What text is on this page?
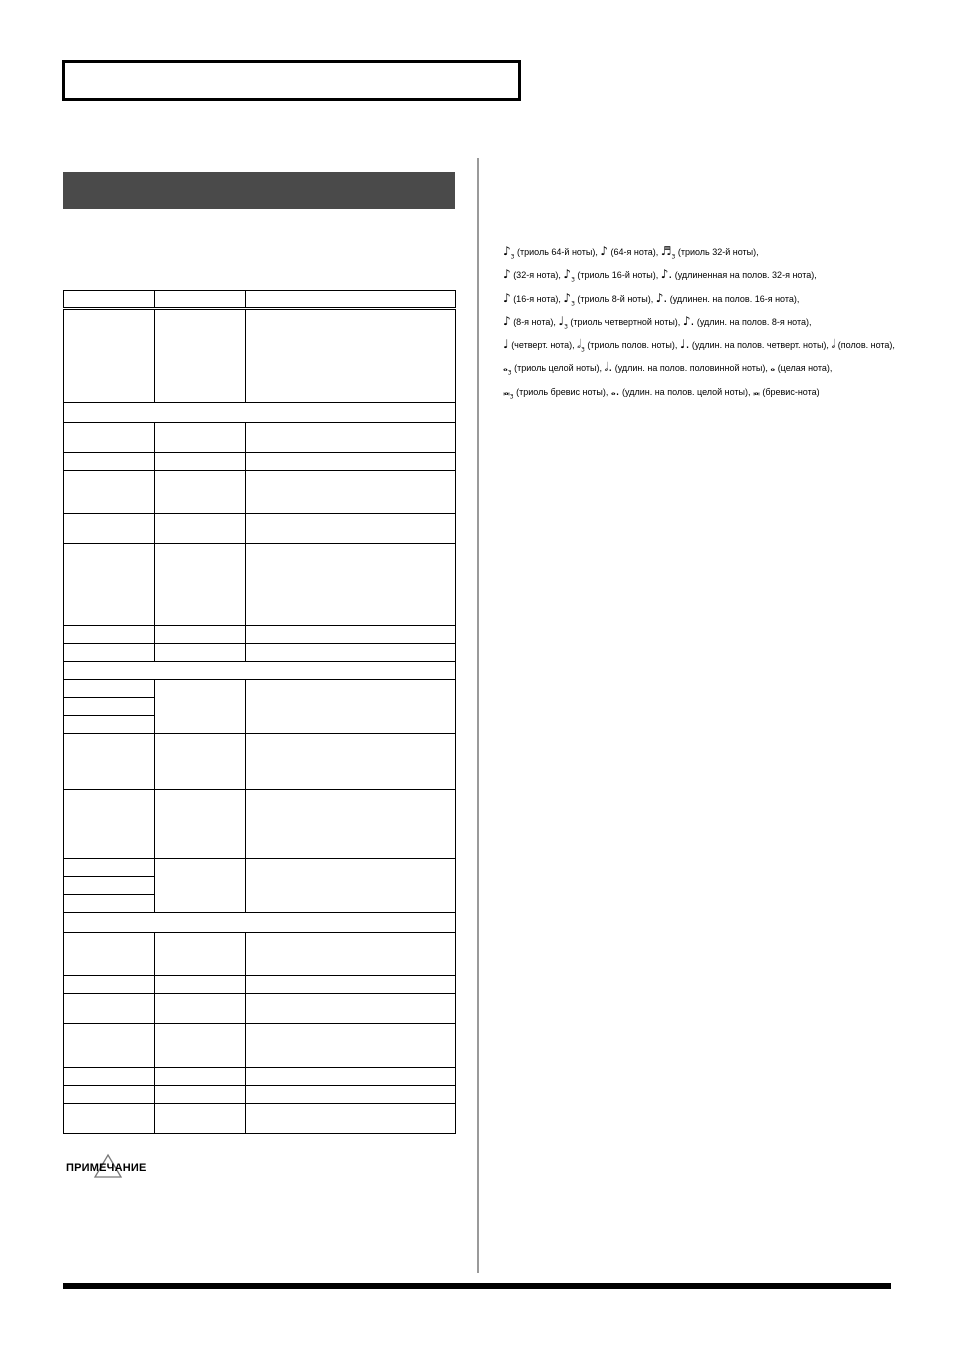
ПРИМЕЧАНИЕ
$♪_3$ (триоль 64-й ноты), ♪ (64-я нота), $♬_3$ (триоль 32-й ноты),
♪ (32-я нота), $♪_3$ (триоль 16-й ноты), ♪. (удлиненная на полов. 32-я нота),
♪ (16-я нота), $♪_3$ (триоль 8-й ноты), ♪. (удлинен. на полов. 16-я нота),
♪ (8-я нота), $♩_3$ (триоль четвертной ноты), ♪. (удлин. на полов. 8-я нота),
♩ (четверт. нота), $𝅗𝅥_3$ (триоль полов. ноты), ♩. (удлин. на полов. четверт. ноты), 𝅗𝅥 (полов. нота),
$𝅝_3$ (триоль целой ноты), 𝅗𝅥. (удлин. на полов. половинной ноты), 𝅝 (целая нота),
$𝅜_3$ (триоль бревис ноты), 𝅝. (удлин. на полов. целой ноты), 𝅜 (бревис-нота)
